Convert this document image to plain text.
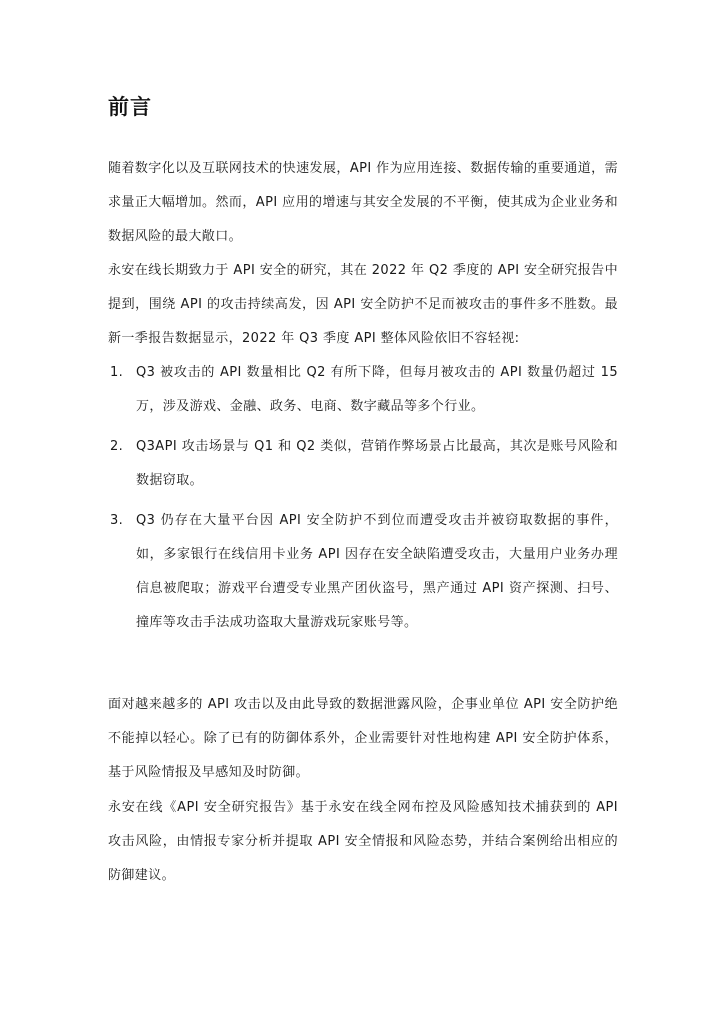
前言

随着数字化以及互联网技术的快速发展，API 作为应用连接、数据传输的重要通道，需求量正大幅增加。然而，API 应用的增速与其安全发展的不平衡，使其成为企业业务和数据风险的最大敞口。

永安在线长期致力于 API 安全的研究，其在 2022 年 Q2 季度的 API 安全研究报告中提到，围绕 API 的攻击持续高发，因 API 安全防护不足而被攻击的事件多不胜数。最新一季报告数据显示，2022 年 Q3 季度 API 整体风险依旧不容轻视:

1. Q3 被攻击的 API 数量相比 Q2 有所下降，但每月被攻击的 API 数量仍超过 15 万，涉及游戏、金融、政务、电商、数字藏品等多个行业。
2. Q3API 攻击场景与 Q1 和 Q2 类似，营销作弊场景占比最高，其次是账号风险和数据窃取。
3. Q3 仍存在大量平台因 API 安全防护不到位而遭受攻击并被窃取数据的事件，如，多家银行在线信用卡业务 API 因存在安全缺陷遭受攻击，大量用户业务办理信息被爬取；游戏平台遭受专业黑产团伙盗号，黑产通过 API 资产探测、扫号、撞库等攻击手法成功盗取大量游戏玩家账号等。

面对越来越多的 API 攻击以及由此导致的数据泄露风险，企事业单位 API 安全防护绝不能掉以轻心。除了已有的防御体系外，企业需要针对性地构建 API 安全防护体系，基于风险情报及早感知及时防御。

永安在线《API 安全研究报告》基于永安在线全网布控及风险感知技术捕获到的 API 攻击风险，由情报专家分析并提取 API 安全情报和风险态势，并结合案例给出相应的防御建议。
